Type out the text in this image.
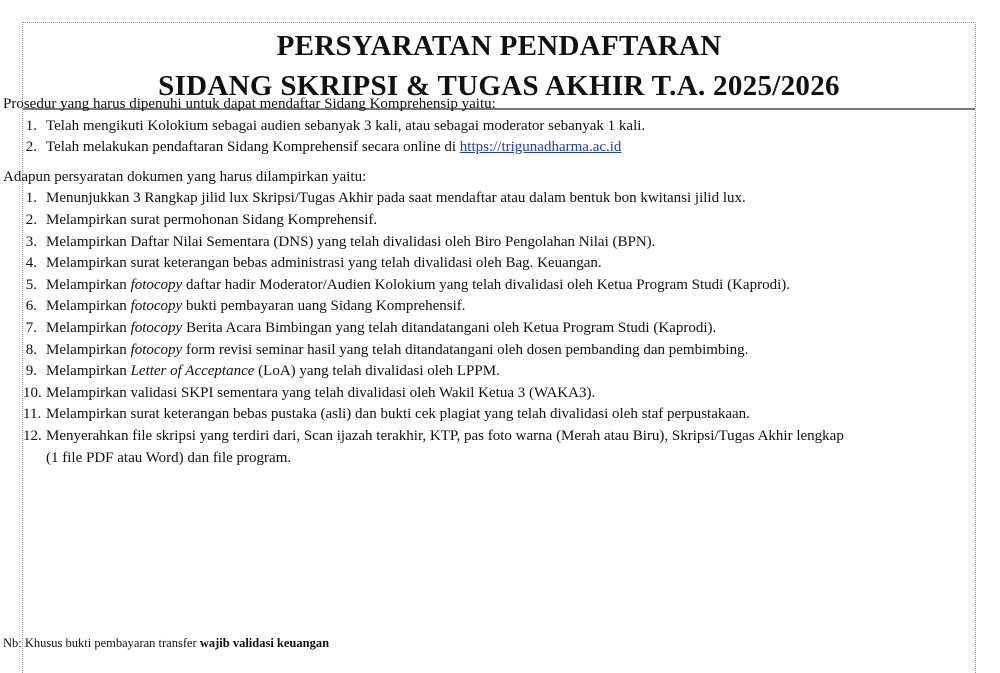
PERSYARATAN PENDAFTARAN
SIDANG SKRIPSI & TUGAS AKHIR T.A. 2025/2026
Prosedur yang harus dipenuhi untuk dapat mendaftar Sidang Komprehensip yaitu:
1. Telah mengikuti Kolokium sebagai audien sebanyak 3 kali, atau sebagai moderator sebanyak 1 kali.
2. Telah melakukan pendaftaran Sidang Komprehensif secara online di https://trigunadharma.ac.id
Adapun persyaratan dokumen yang harus dilampirkan yaitu:
1. Menunjukkan 3 Rangkap jilid lux Skripsi/Tugas Akhir pada saat mendaftar atau dalam bentuk bon kwitansi jilid lux.
2. Melampirkan surat permohonan Sidang Komprehensif.
3. Melampirkan Daftar Nilai Sementara (DNS) yang telah divalidasi oleh Biro Pengolahan Nilai (BPN).
4. Melampirkan surat keterangan bebas administrasi yang telah divalidasi oleh Bag. Keuangan.
5. Melampirkan fotocopy daftar hadir Moderator/Audien Kolokium yang telah divalidasi oleh Ketua Program Studi (Kaprodi).
6. Melampirkan fotocopy bukti pembayaran uang Sidang Komprehensif.
7. Melampirkan fotocopy Berita Acara Bimbingan yang telah ditandatangani oleh Ketua Program Studi (Kaprodi).
8. Melampirkan fotocopy form revisi seminar hasil yang telah ditandatangani oleh dosen pembanding dan pembimbing.
9. Melampirkan Letter of Acceptance (LoA) yang telah divalidasi oleh LPPM.
10. Melampirkan validasi SKPI sementara yang telah divalidasi oleh Wakil Ketua 3 (WAKA3).
11. Melampirkan surat keterangan bebas pustaka (asli) dan bukti cek plagiat yang telah divalidasi oleh staf perpustakaan.
12. Menyerahkan file skripsi yang terdiri dari, Scan ijazah terakhir, KTP, pas foto warna (Merah atau Biru), Skripsi/Tugas Akhir lengkap
(1 file PDF atau Word) dan file program.
Nb: Khusus bukti pembayaran transfer wajib validasi keuangan
